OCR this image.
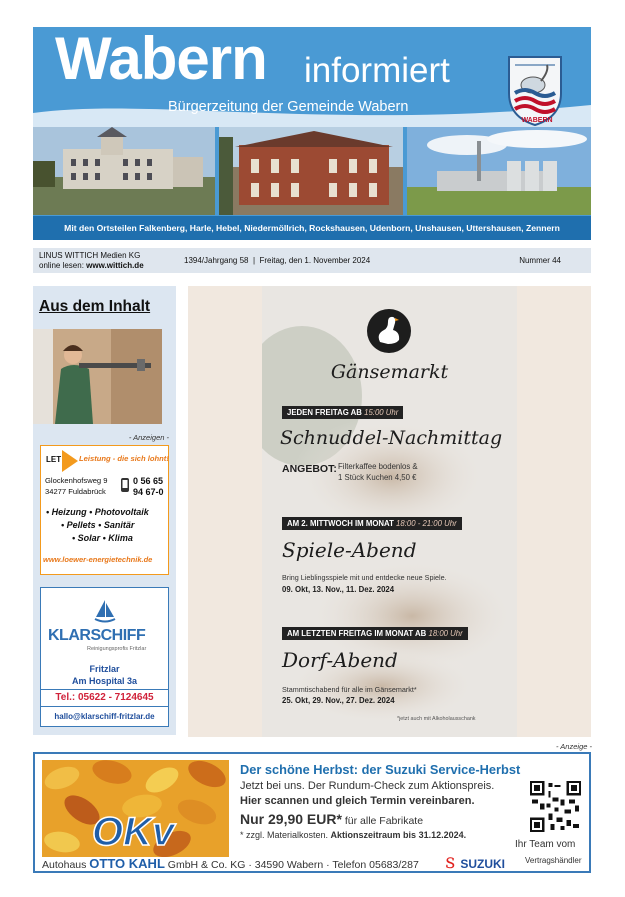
Wabern informiert
Bürgerzeitung der Gemeinde Wabern
WABERN
Mit den Ortsteilen Falkenberg, Harle, Hebel, Niedermöllrich, Rockshausen, Udenborn, Unshausen, Uttershausen, Zennern
LINUS WITTICH Medien KG
online lesen: www.wittich.de
1394/Jahrgang 58  |  Freitag, den 1. November 2024	Nummer 44
Aus dem Inhalt
- Anzeigen -
LET Leistung - die sich lohnt!
Glockenhofsweg 9
34277 Fuldabrück
0 56 65
94 67-0
• Heizung • Photovoltaik
• Pellets • Sanitär
• Solar • Klima
www.loewer-energietechnik.de
KLARSCHIFF
Reinigungsprofis Fritzlar
Fritzlar
Am Hospital 3a
Tel.: 05622 - 7124645
hallo@klarschiff-fritzlar.de
Gänsemarkt
JEDEN FREITAG AB 15:00 Uhr
Schnuddel-Nachmittag
ANGEBOT: Filterkaffee bodenlos &
1 Stück Kuchen 4,50 €
AM 2. MITTWOCH IM MONAT 18:00 - 21:00 Uhr
Spiele-Abend
Bring Lieblingsspiele mit und entdecke neue Spiele.
09. Okt, 13. Nov., 11. Dez. 2024
AM LETZTEN FREITAG IM MONAT AB 18:00 Uhr
Dorf-Abend
Stammtischabend für alle im Gänsemarkt*
25. Okt, 29. Nov., 27. Dez. 2024
*jetzt auch mit Alkoholausschank
- Anzeige -
OKv
Der schöne Herbst: der Suzuki Service-Herbst
Jetzt bei uns. Der Rundum-Check zum Aktionspreis.
Hier scannen und gleich Termin vereinbaren.
Nur 29,90 EUR* für alle Fabrikate
* zzgl. Materialkosten. Aktionszeitraum bis 31.12.2024.
Ihr Team vom
Autohaus OTTO KAHL GmbH & Co. KG · 34590 Wabern · Telefon 05683/287 Ｓ SUZUKI Vertragshändler
